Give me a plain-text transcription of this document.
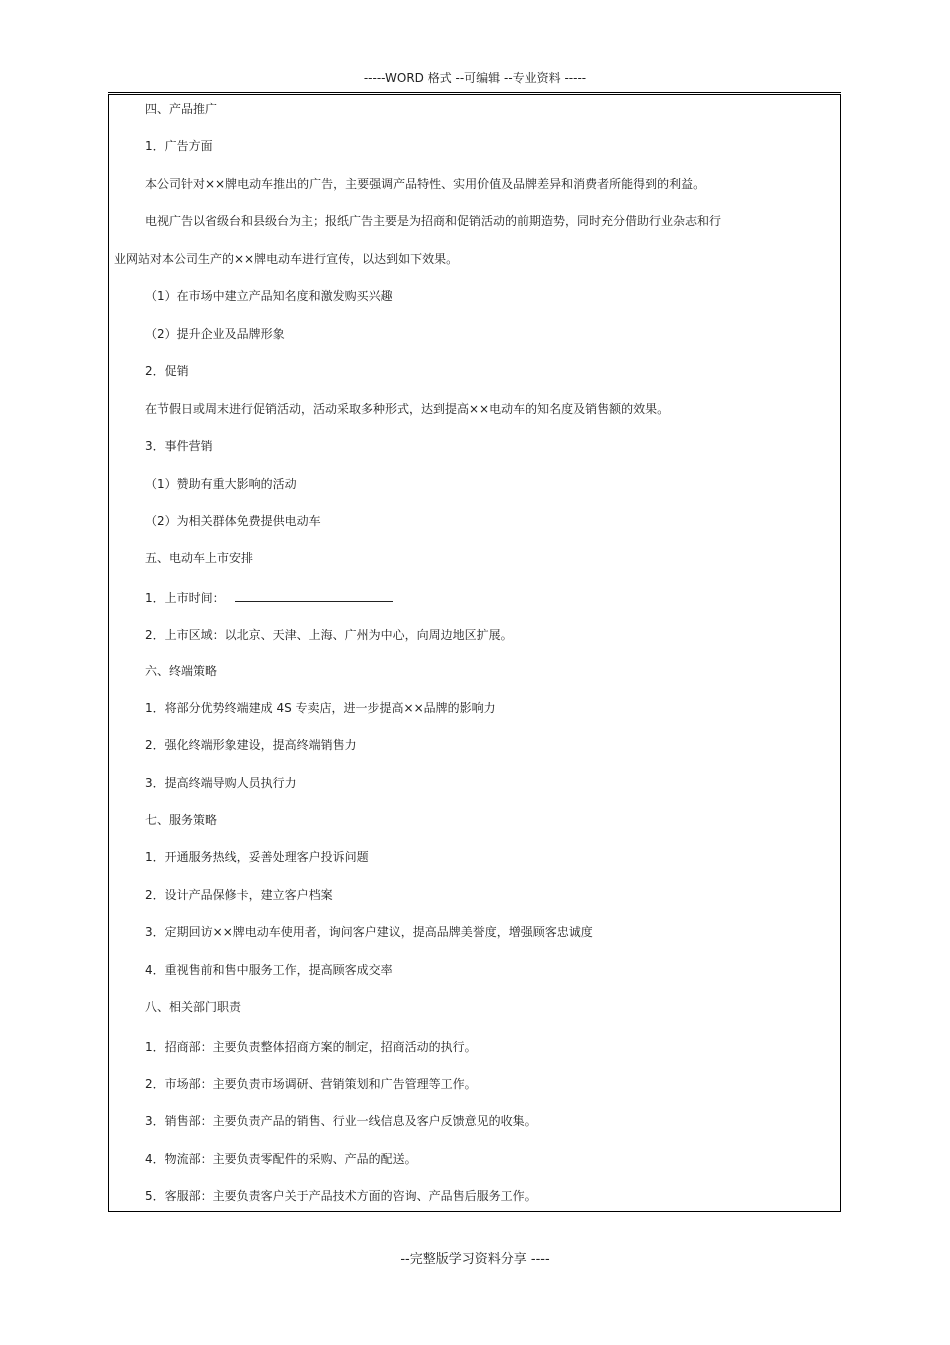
-----WORD 格式 --可编辑 --专业资料 -----
四、产品推广
1．广告方面
本公司针对××牌电动车推出的广告，主要强调产品特性、实用价值及品牌差异和消费者所能得到的利益。
电视广告以省级台和县级台为主；报纸广告主要是为招商和促销活动的前期造势，同时充分借助行业杂志和行
业网站对本公司生产的××牌电动车进行宣传，以达到如下效果。
（1）在市场中建立产品知名度和激发购买兴趣
（2）提升企业及品牌形象
2．促销
在节假日或周末进行促销活动，活动采取多种形式，达到提高××电动车的知名度及销售额的效果。
3．事件营销
（1）赞助有重大影响的活动
（2）为相关群体免费提供电动车
五、电动车上市安排
1．上市时间：
2．上市区域：以北京、天津、上海、广州为中心，向周边地区扩展。
六、终端策略
1．将部分优势终端建成 4S 专卖店，进一步提高××品牌的影响力
2．强化终端形象建设，提高终端销售力
3．提高终端导购人员执行力
七、服务策略
1．开通服务热线，妥善处理客户投诉问题
2．设计产品保修卡，建立客户档案
3．定期回访××牌电动车使用者，询问客户建议，提高品牌美誉度，增强顾客忠诚度
4．重视售前和售中服务工作，提高顾客成交率
八、相关部门职责
1．招商部：主要负责整体招商方案的制定，招商活动的执行。
2．市场部：主要负责市场调研、营销策划和广告管理等工作。
3．销售部：主要负责产品的销售、行业一线信息及客户反馈意见的收集。
4．物流部：主要负责零配件的采购、产品的配送。
5．客服部：主要负责客户关于产品技术方面的咨询、产品售后服务工作。
--完整版学习资料分享 ----
